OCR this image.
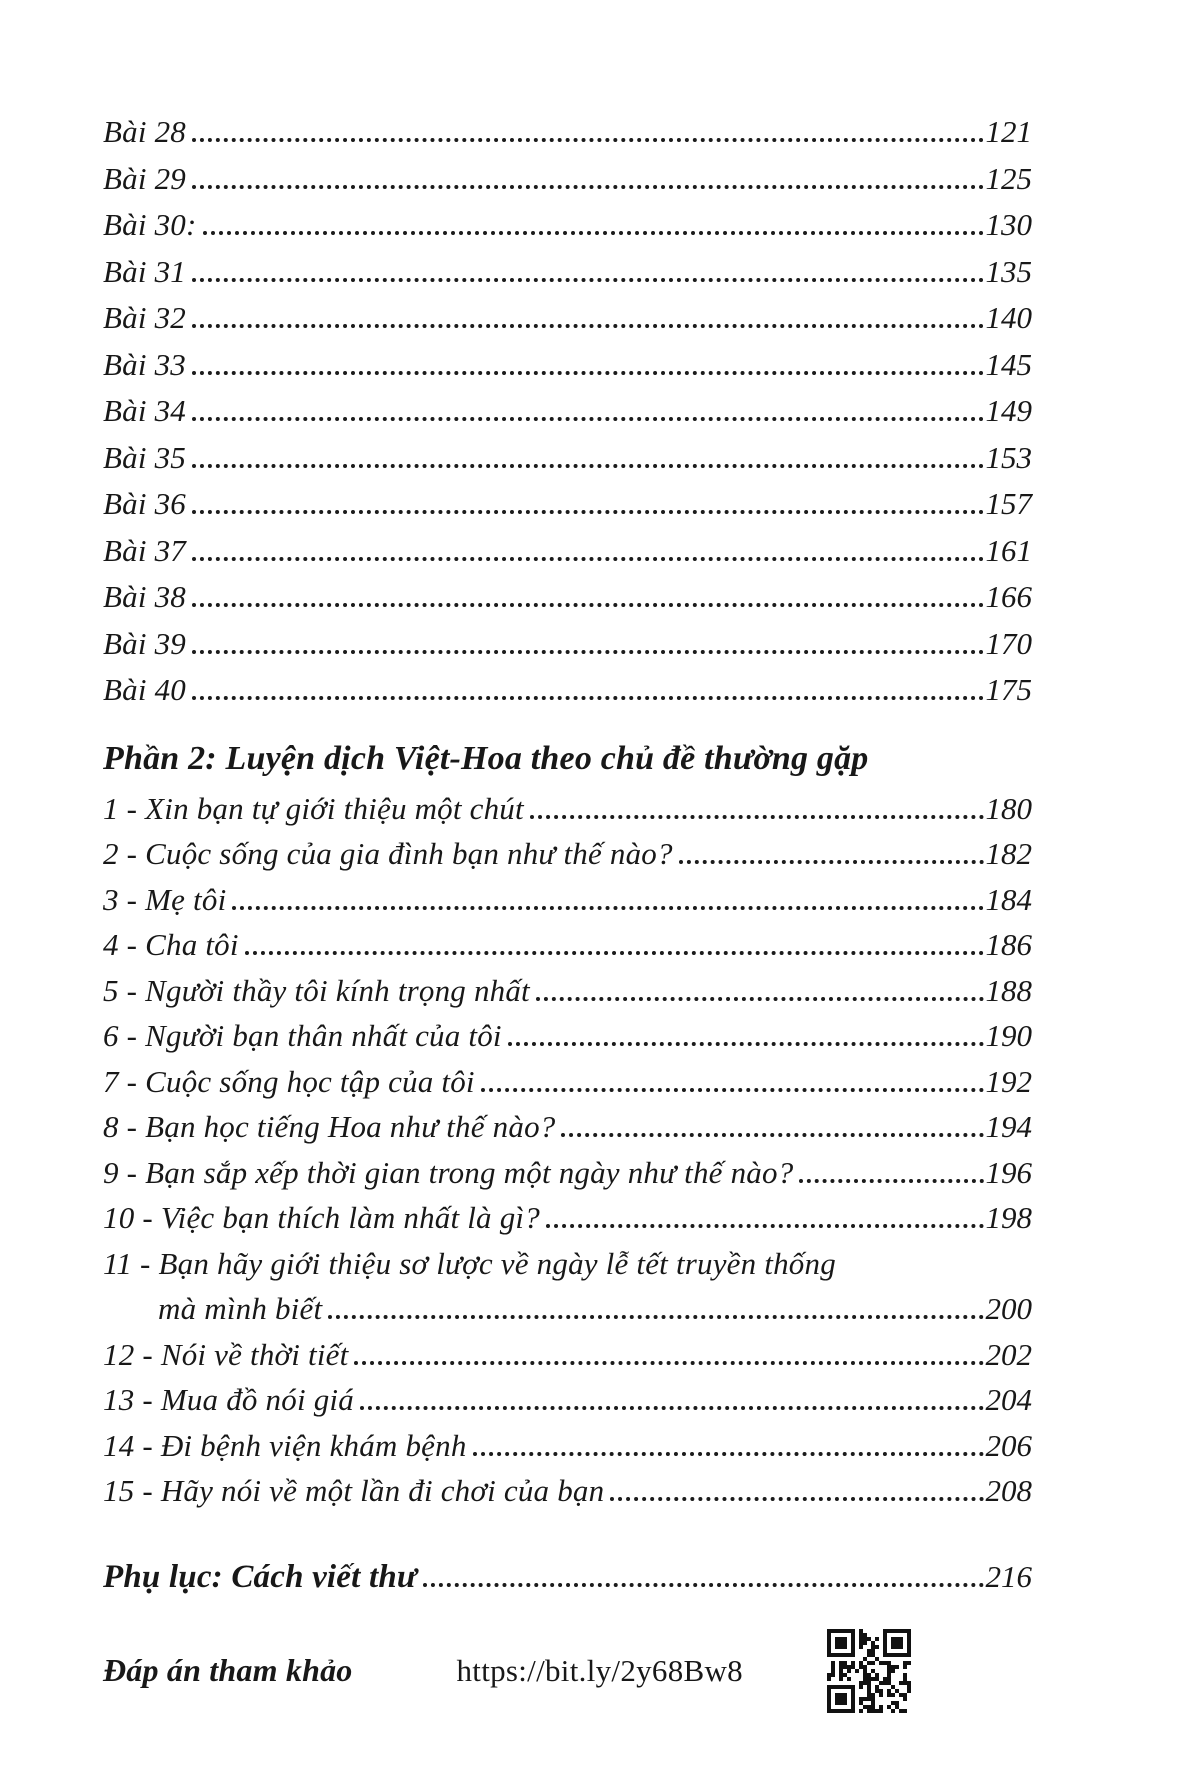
Bài 28	121
Bài 29	125
Bài 30:	130
Bài 31	135
Bài 32	140
Bài 33	145
Bài 34	149
Bài 35	153
Bài 36	157
Bài 37	161
Bài 38	166
Bài 39	170
Bài 40	175
Phần 2: Luyện dịch Việt-Hoa theo chủ đề thường gặp
1 - Xin bạn tự giới thiệu một chút	180
2 - Cuộc sống của gia đình bạn như thế nào?	182
3 - Mẹ tôi	184
4 - Cha tôi	186
5 - Người thầy tôi kính trọng nhất	188
6 - Người bạn thân nhất của tôi	190
7 - Cuộc sống học tập của tôi	192
8 - Bạn học tiếng Hoa như thế nào?	194
9 - Bạn sắp xếp thời gian trong một ngày như thế nào?	196
10 - Việc bạn thích làm nhất là gì?	198
11 - Bạn hãy giới thiệu sơ lược về ngày lễ tết truyền thống
mà mình biết	200
12 - Nói về thời tiết	202
13 - Mua đồ nói giá	204
14 - Đi bệnh viện khám bệnh	206
15 - Hãy nói về một lần đi chơi của bạn	208
Phụ lục: Cách viết thư	216
Đáp án tham khảo	https://bit.ly/2y68Bw8
